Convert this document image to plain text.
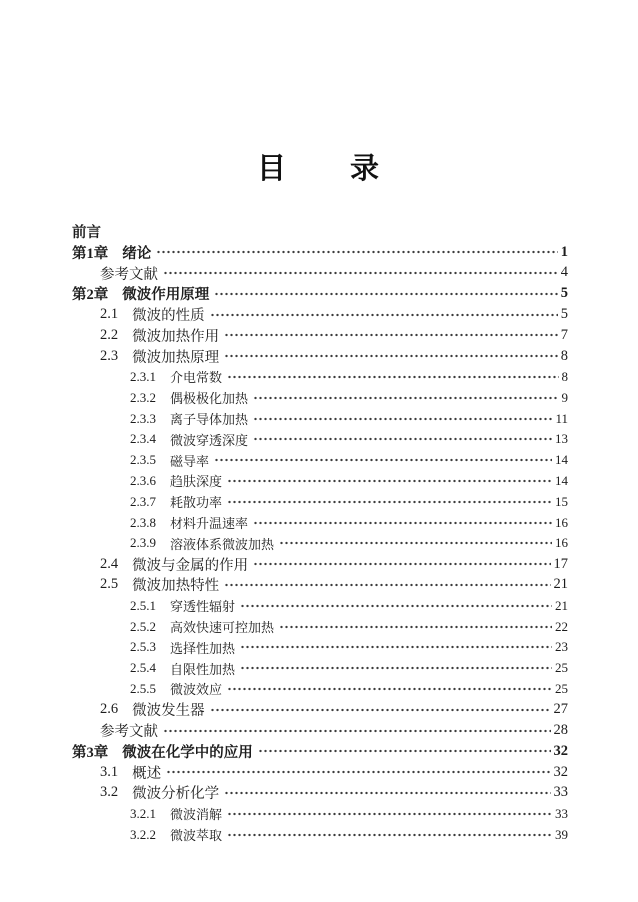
目　　录
前言
第1章 绪论	1
参考文献	4
第2章 微波作用原理	5
2.1 微波的性质	5
2.2 微波加热作用	7
2.3 微波加热原理	8
2.3.1 介电常数	8
2.3.2 偶极极化加热	9
2.3.3 离子导体加热	11
2.3.4 微波穿透深度	13
2.3.5 磁导率	14
2.3.6 趋肤深度	14
2.3.7 耗散功率	15
2.3.8 材料升温速率	16
2.3.9 溶液体系微波加热	16
2.4 微波与金属的作用	17
2.5 微波加热特性	21
2.5.1 穿透性辐射	21
2.5.2 高效快速可控加热	22
2.5.3 选择性加热	23
2.5.4 自限性加热	25
2.5.5 微波效应	25
2.6 微波发生器	27
参考文献	28
第3章 微波在化学中的应用	32
3.1 概述	32
3.2 微波分析化学	33
3.2.1 微波消解	33
3.2.2 微波萃取	39
